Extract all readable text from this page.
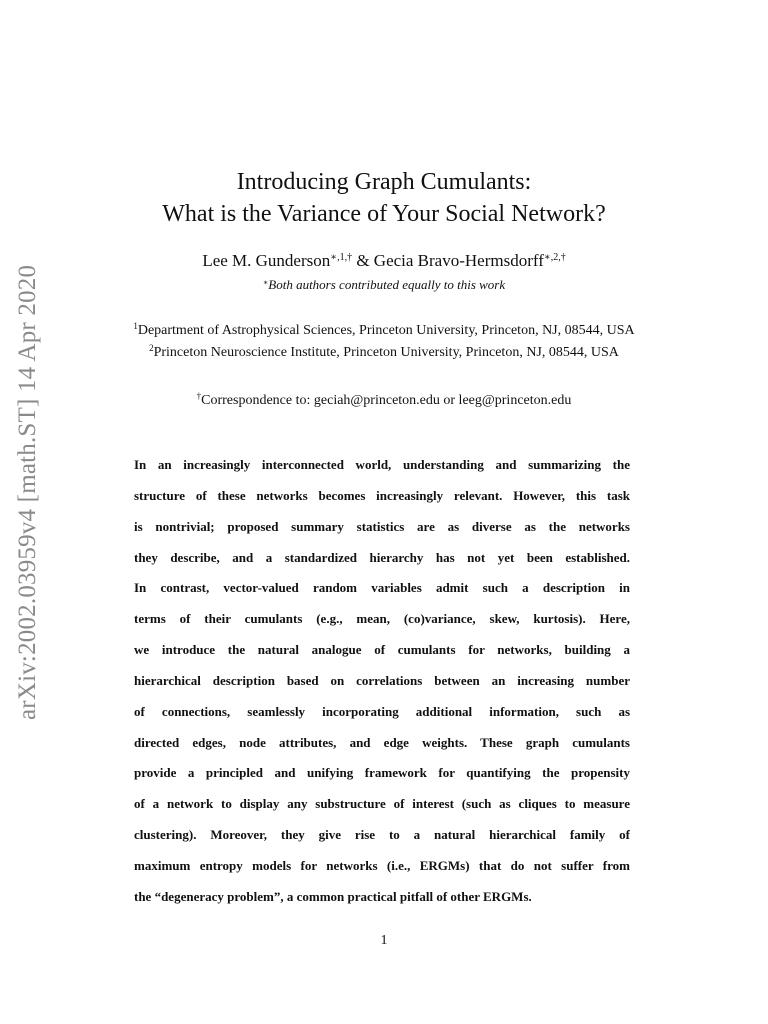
arXiv:2002.03959v4 [math.ST] 14 Apr 2020
Introducing Graph Cumulants:
What is the Variance of Your Social Network?
Lee M. Gunderson$^{∗,1,\dagger}$ & Gecia Bravo-Hermsdorff$^{∗,2,\dagger}$
∗Both authors contributed equally to this work
$^1$Department of Astrophysical Sciences, Princeton University, Princeton, NJ, 08544, USA
$^2$Princeton Neuroscience Institute, Princeton University, Princeton, NJ, 08544, USA
†Correspondence to: geciah@princeton.edu or leeg@princeton.edu
In an increasingly interconnected world, understanding and summarizing the
structure of these networks becomes increasingly relevant. However, this task
is nontrivial; proposed summary statistics are as diverse as the networks
they describe, and a standardized hierarchy has not yet been established.
In contrast, vector-valued random variables admit such a description in
terms of their cumulants (e.g., mean, (co)variance, skew, kurtosis). Here,
we introduce the natural analogue of cumulants for networks, building a
hierarchical description based on correlations between an increasing number
of connections, seamlessly incorporating additional information, such as
directed edges, node attributes, and edge weights. These graph cumulants
provide a principled and unifying framework for quantifying the propensity
of a network to display any substructure of interest (such as cliques to measure
clustering). Moreover, they give rise to a natural hierarchical family of
maximum entropy models for networks (i.e., ERGMs) that do not suffer from
the “degeneracy problem”, a common practical pitfall of other ERGMs.
1
